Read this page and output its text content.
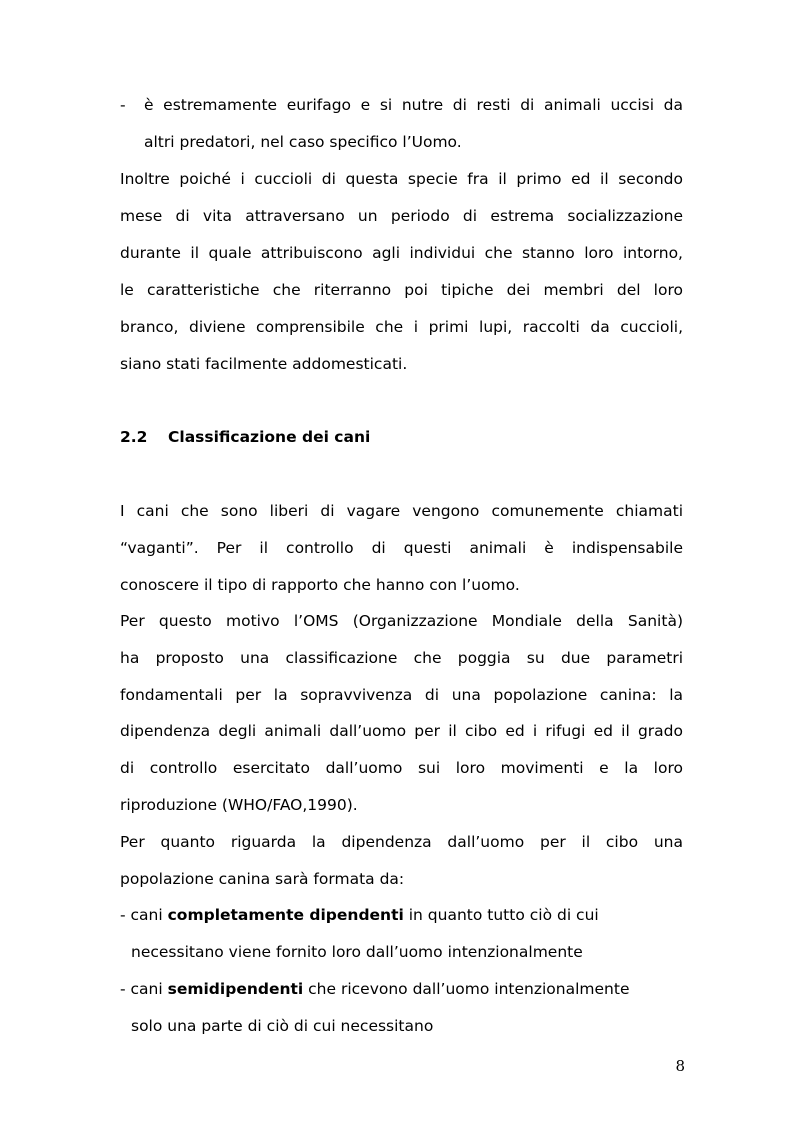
- è estremamente eurifago e si nutre di resti di animali uccisi da
altri predatori, nel caso specifico l’Uomo.
Inoltre poiché i cuccioli di questa specie fra il primo ed il secondo
mese di vita attraversano un periodo di estrema socializzazione
durante il quale attribuiscono agli individui che stanno loro intorno,
le caratteristiche che riterranno poi tipiche dei membri del loro
branco, diviene comprensibile che i primi lupi, raccolti da cuccioli,
siano stati facilmente addomesticati.
2.2 Classificazione dei cani
I cani che sono liberi di vagare vengono comunemente chiamati
“vaganti”. Per il controllo di questi animali è indispensabile
conoscere il tipo di rapporto che hanno con l’uomo.
Per questo motivo l’OMS (Organizzazione Mondiale della Sanità)
ha proposto una classificazione che poggia su due parametri
fondamentali per la sopravvivenza di una popolazione canina: la
dipendenza degli animali dall’uomo per il cibo ed i rifugi ed il grado
di controllo esercitato dall’uomo sui loro movimenti e la loro
riproduzione (WHO/FAO,1990).
Per quanto riguarda la dipendenza dall’uomo per il cibo una
popolazione canina sarà formata da:
- cani completamente dipendenti in quanto tutto ciò di cui
necessitano viene fornito loro dall’uomo intenzionalmente
- cani semidipendenti che ricevono dall’uomo intenzionalmente
solo una parte di ciò di cui necessitano
8
